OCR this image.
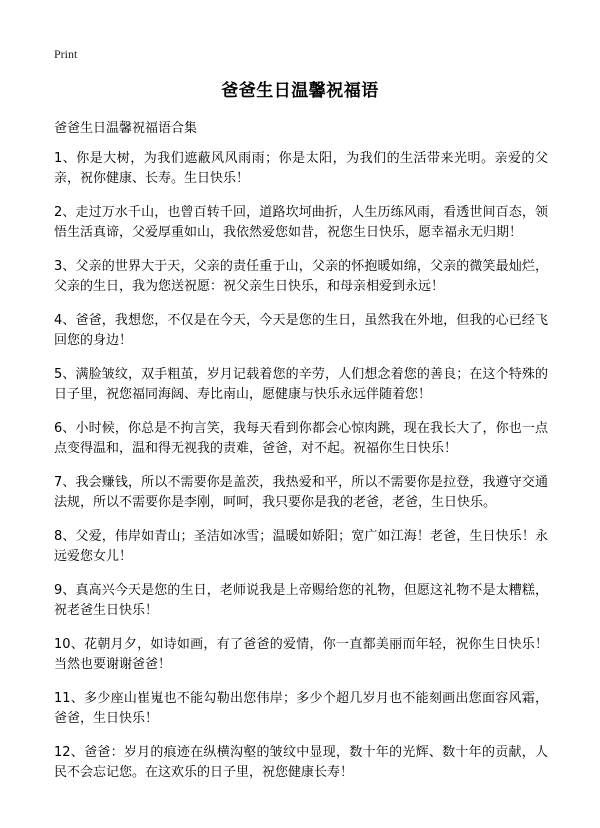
Print
爸爸生日温馨祝福语
爸爸生日温馨祝福语合集

1、你是大树，为我们遮蔽风风雨雨；你是太阳，为我们的生活带来光明。亲爱的父亲，祝你健康、长寿。生日快乐！

2、走过万水千山，也曾百转千回，道路坎坷曲折，人生历练风雨，看透世间百态，领悟生活真谛，父爱厚重如山，我依然爱您如昔，祝您生日快乐，愿幸福永无归期！

3、父亲的世界大于天，父亲的责任重于山，父亲的怀抱暖如绵，父亲的微笑最灿烂，父亲的生日，我为您送祝愿：祝父亲生日快乐，和母亲相爱到永远！

4、爸爸，我想您，不仅是在今天，今天是您的生日，虽然我在外地，但我的心已经飞回您的身边！

5、满脸皱纹，双手粗茧，岁月记载着您的辛劳，人们想念着您的善良；在这个特殊的日子里，祝您福同海阔、寿比南山，愿健康与快乐永远伴随着您！

6、小时候，你总是不拘言笑，我每天看到你都会心惊肉跳，现在我长大了，你也一点点变得温和，温和得无视我的责难，爸爸，对不起。祝福你生日快乐！

7、我会赚钱，所以不需要你是盖茨，我热爱和平，所以不需要你是拉登，我遵守交通法规，所以不需要你是李刚，呵呵，我只要你是我的老爸，老爸，生日快乐。

8、父爱，伟岸如青山；圣洁如冰雪；温暖如娇阳；宽广如江海！老爸，生日快乐！永远爱您女儿！

9、真高兴今天是您的生日，老师说我是上帝赐给您的礼物，但愿这礼物不是太糟糕，祝老爸生日快乐！

10、花朝月夕，如诗如画，有了爸爸的爱情，你一直都美丽而年轻，祝你生日快乐！当然也要谢谢爸爸！

11、多少座山崔嵬也不能勾勒出您伟岸；多少个超几岁月也不能刻画出您面容风霜，爸爸，生日快乐！

12、爸爸：岁月的痕迹在纵横沟壑的皱纹中显现，数十年的光辉、数十年的贡献，人民不会忘记您。在这欢乐的日子里，祝您健康长寿！
